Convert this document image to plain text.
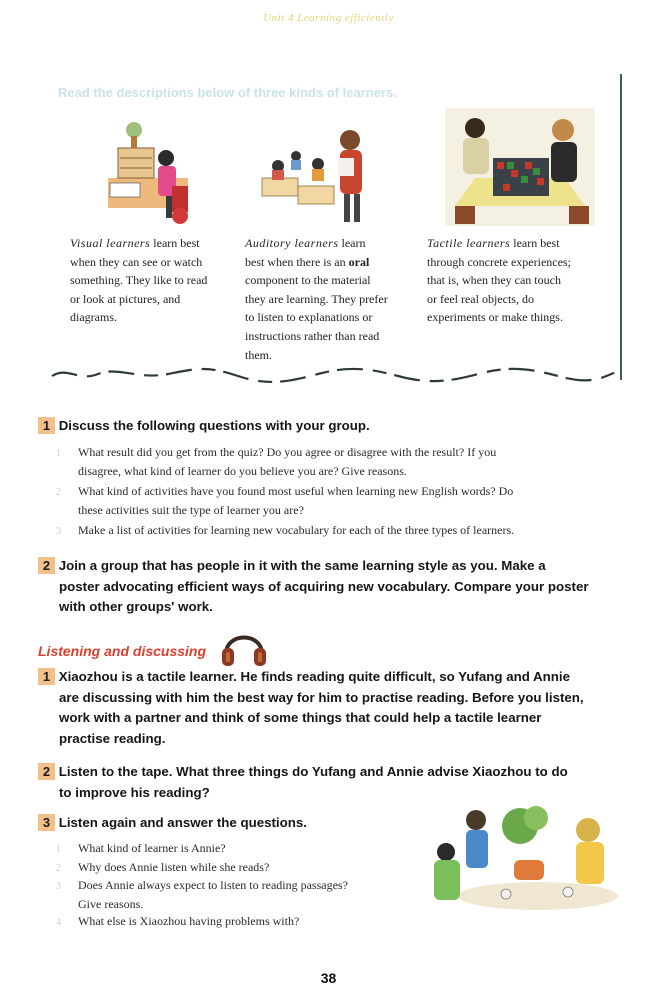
Unit 4 Learning efficiently
Read the descriptions below of three kinds of learners.
Visual learners learn best
when they can see or watch
something. They like to read
or look at pictures, and
diagrams.
Auditory learners learn
best when there is an oral
component to the material
they are learning. They prefer
to listen to explanations or
instructions rather than read
them.
Tactile learners learn best
through concrete experiences;
that is, when they can touch
or feel real objects, do
experiments or make things.
1 Discuss the following questions with your group.
1 What result did you get from the quiz? Do you agree or disagree with the result? If you
disagree, what kind of learner do you believe you are? Give reasons.
2 What kind of activities have you found most useful when learning new English words? Do
these activities suit the type of learner you are?
3 Make a list of activities for learning new vocabulary for each of the three types of learners.
2 Join a group that has people in it with the same learning style as you. Make a
poster advocating efficient ways of acquiring new vocabulary. Compare your poster
with other groups' work.
Listening and discussing
1 Xiaozhou is a tactile learner. He finds reading quite difficult, so Yufang and Annie
are discussing with him the best way for him to practise reading. Before you listen,
work with a partner and think of some things that could help a tactile learner
practise reading.
2 Listen to the tape. What three things do Yufang and Annie advise Xiaozhou to do
to improve his reading?
3 Listen again and answer the questions.
1 What kind of learner is Annie?
2 Why does Annie listen while she reads?
3 Does Annie always expect to listen to reading passages?
Give reasons.
4 What else is Xiaozhou having problems with?
38
